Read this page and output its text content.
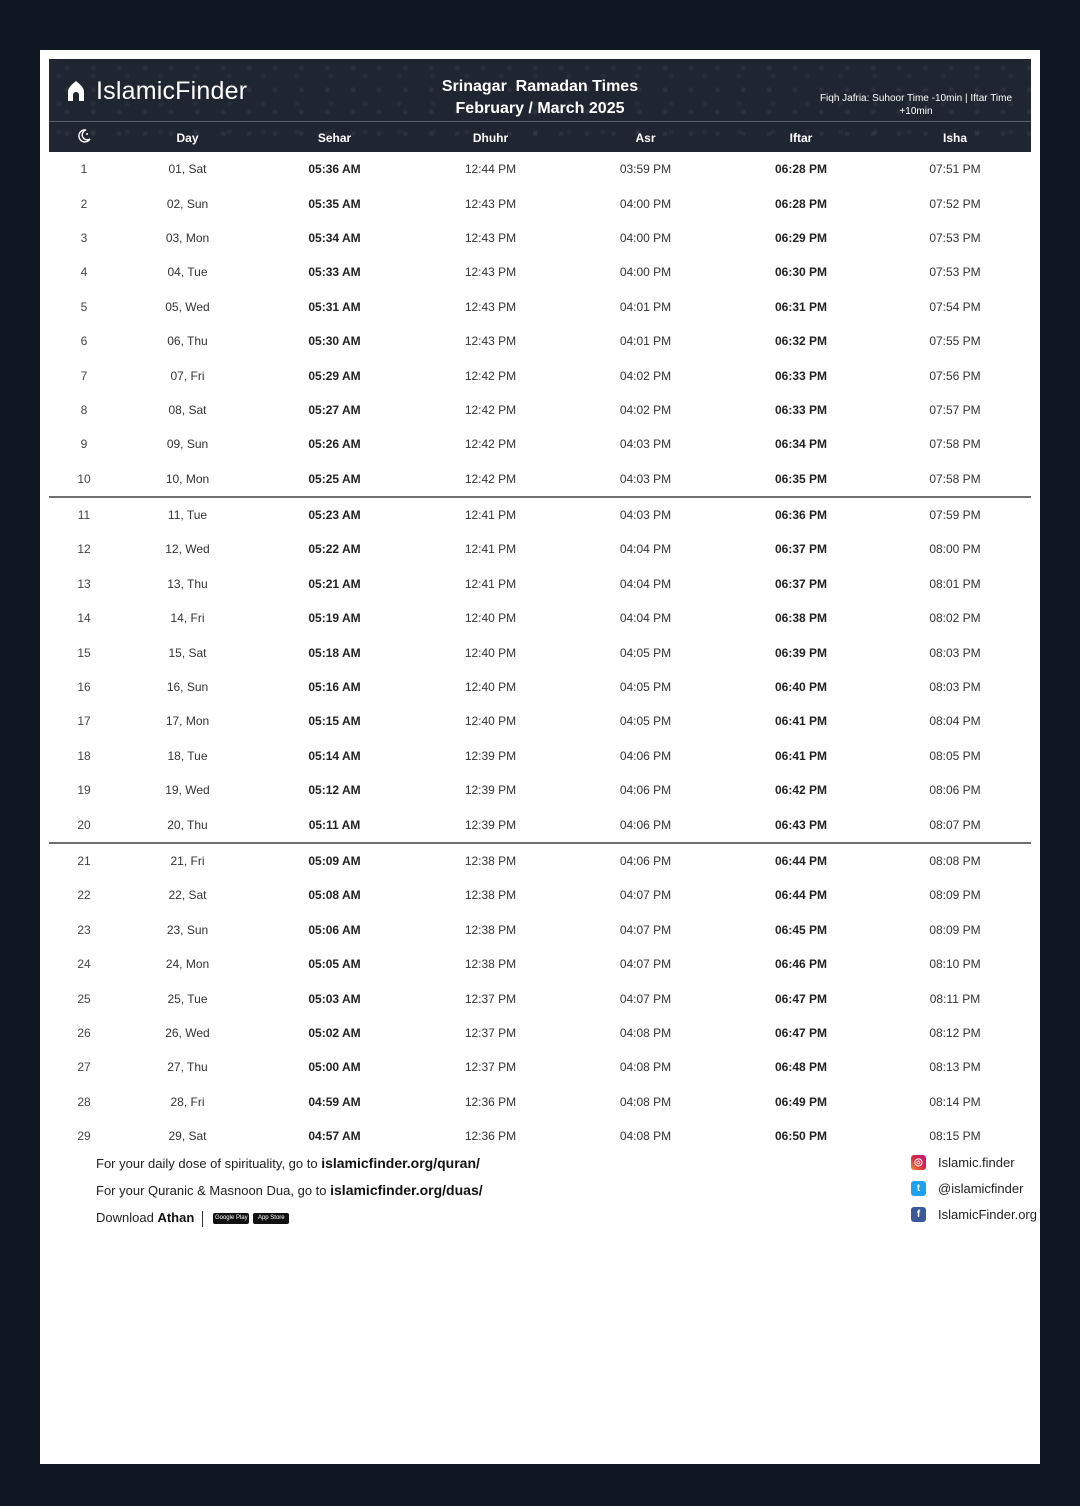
IslamicFinder	Srinagar  Ramadan Times
February / March 2025
Fiqh Jafria: Suhoor Time -10min | Iftar Time +10min
Day	Sehar	Dhuhr	Asr	Iftar	Isha
1	01, Sat	05:36 AM	12:44 PM	03:59 PM	06:28 PM	07:51 PM
2	02, Sun	05:35 AM	12:43 PM	04:00 PM	06:28 PM	07:52 PM
3	03, Mon	05:34 AM	12:43 PM	04:00 PM	06:29 PM	07:53 PM
4	04, Tue	05:33 AM	12:43 PM	04:00 PM	06:30 PM	07:53 PM
5	05, Wed	05:31 AM	12:43 PM	04:01 PM	06:31 PM	07:54 PM
6	06, Thu	05:30 AM	12:43 PM	04:01 PM	06:32 PM	07:55 PM
7	07, Fri	05:29 AM	12:42 PM	04:02 PM	06:33 PM	07:56 PM
8	08, Sat	05:27 AM	12:42 PM	04:02 PM	06:33 PM	07:57 PM
9	09, Sun	05:26 AM	12:42 PM	04:03 PM	06:34 PM	07:58 PM
10	10, Mon	05:25 AM	12:42 PM	04:03 PM	06:35 PM	07:58 PM
11	11, Tue	05:23 AM	12:41 PM	04:03 PM	06:36 PM	07:59 PM
12	12, Wed	05:22 AM	12:41 PM	04:04 PM	06:37 PM	08:00 PM
13	13, Thu	05:21 AM	12:41 PM	04:04 PM	06:37 PM	08:01 PM
14	14, Fri	05:19 AM	12:40 PM	04:04 PM	06:38 PM	08:02 PM
15	15, Sat	05:18 AM	12:40 PM	04:05 PM	06:39 PM	08:03 PM
16	16, Sun	05:16 AM	12:40 PM	04:05 PM	06:40 PM	08:03 PM
17	17, Mon	05:15 AM	12:40 PM	04:05 PM	06:41 PM	08:04 PM
18	18, Tue	05:14 AM	12:39 PM	04:06 PM	06:41 PM	08:05 PM
19	19, Wed	05:12 AM	12:39 PM	04:06 PM	06:42 PM	08:06 PM
20	20, Thu	05:11 AM	12:39 PM	04:06 PM	06:43 PM	08:07 PM
21	21, Fri	05:09 AM	12:38 PM	04:06 PM	06:44 PM	08:08 PM
22	22, Sat	05:08 AM	12:38 PM	04:07 PM	06:44 PM	08:09 PM
23	23, Sun	05:06 AM	12:38 PM	04:07 PM	06:45 PM	08:09 PM
24	24, Mon	05:05 AM	12:38 PM	04:07 PM	06:46 PM	08:10 PM
25	25, Tue	05:03 AM	12:37 PM	04:07 PM	06:47 PM	08:11 PM
26	26, Wed	05:02 AM	12:37 PM	04:08 PM	06:47 PM	08:12 PM
27	27, Thu	05:00 AM	12:37 PM	04:08 PM	06:48 PM	08:13 PM
28	28, Fri	04:59 AM	12:36 PM	04:08 PM	06:49 PM	08:14 PM
29	29, Sat	04:57 AM	12:36 PM	04:08 PM	06:50 PM	08:15 PM
For your daily dose of spirituality, go to islamicfinder.org/quran/
For your Quranic & Masnoon Dua, go to islamicfinder.org/duas/
Download Athan	Google Play App Store
◎ Islamic.finder
t	@islamicfinder
f	IslamicFinder.org
